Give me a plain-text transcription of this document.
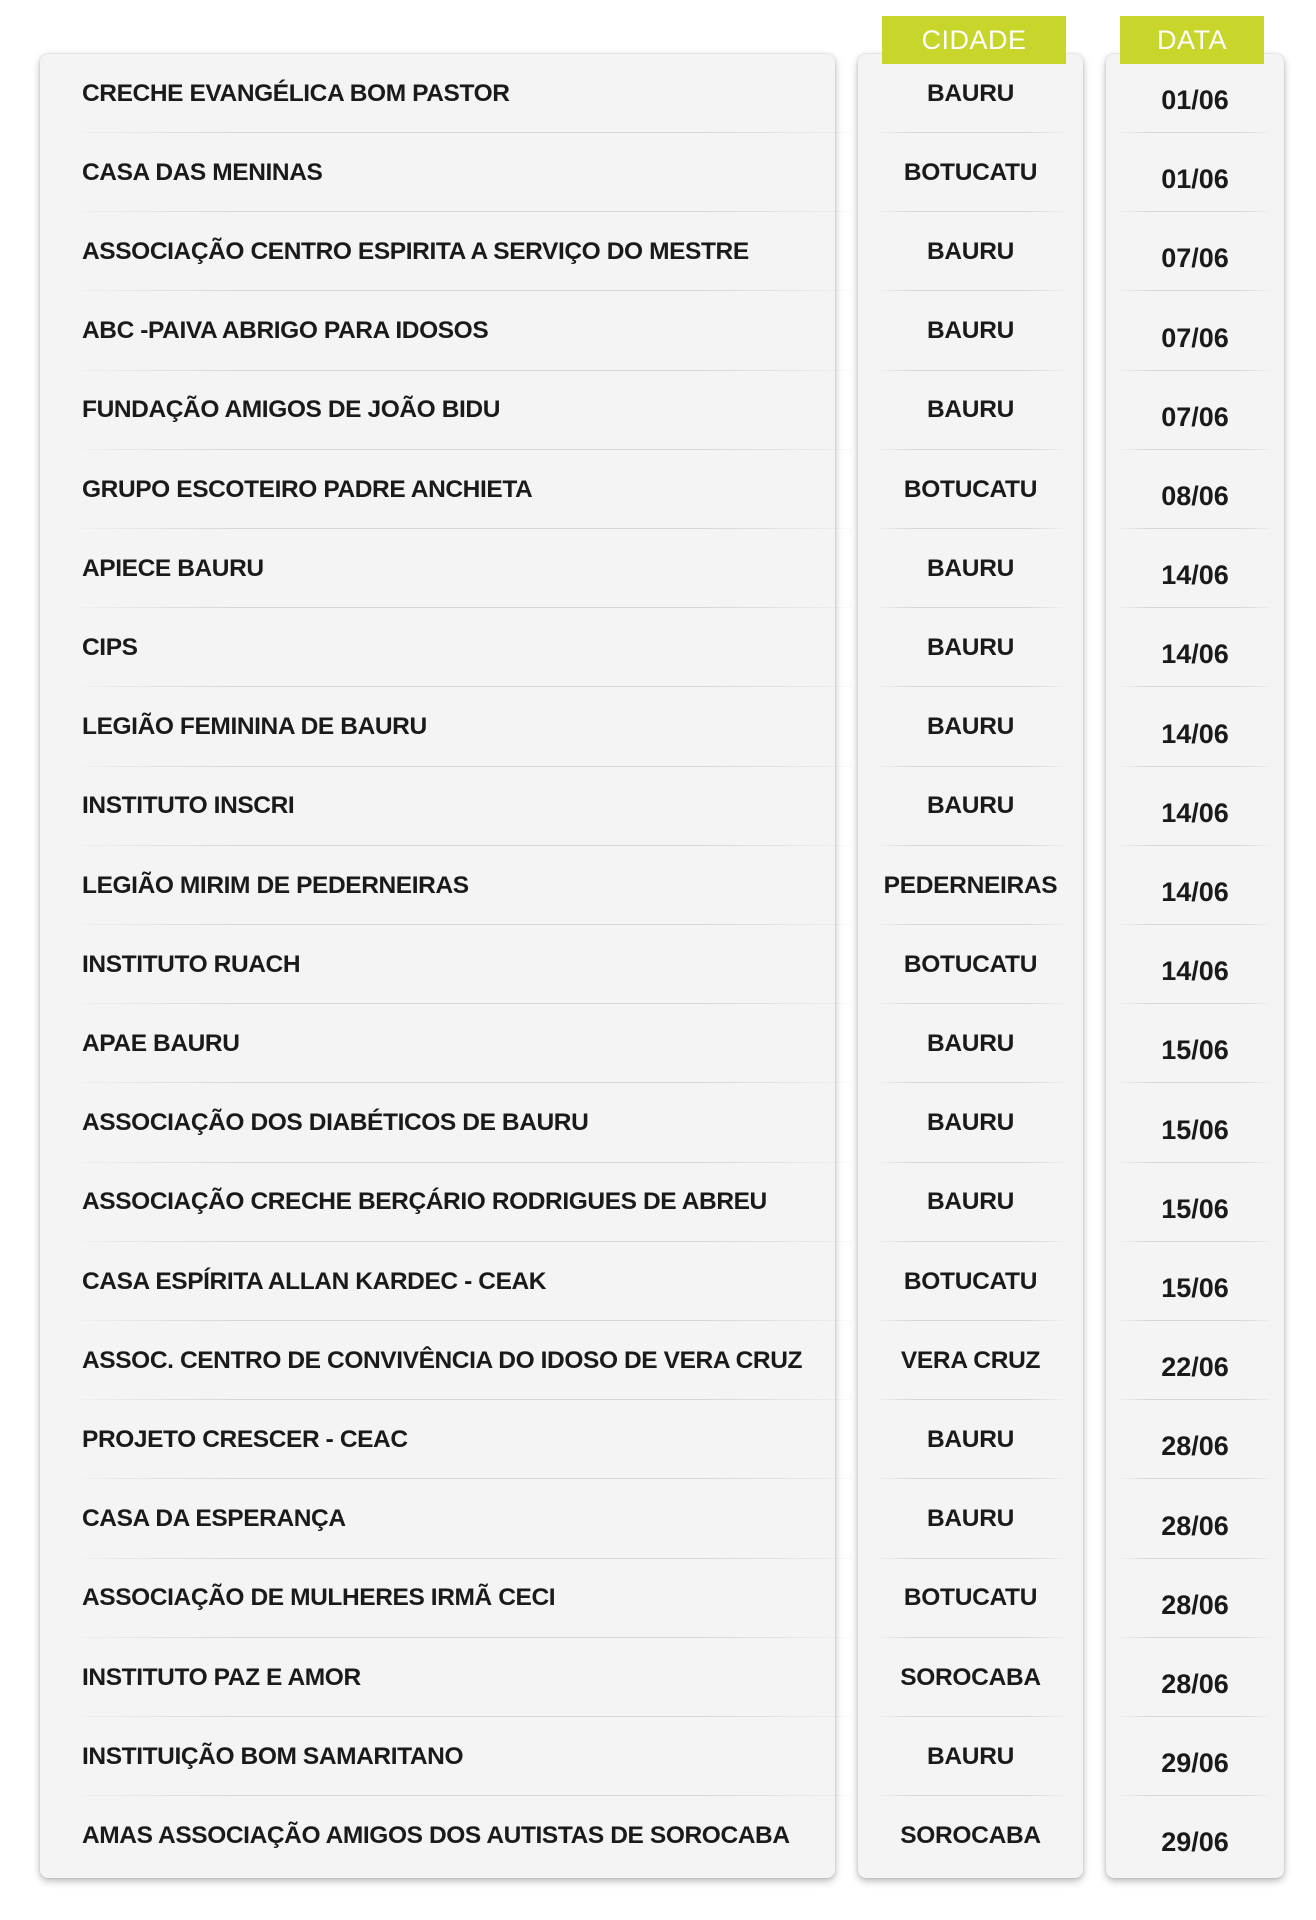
CRECHE EVANGÉLICA BOM PASTOR
CASA DAS MENINAS
ASSOCIAÇÃO CENTRO ESPIRITA A SERVIÇO DO MESTRE
ABC -PAIVA ABRIGO PARA IDOSOS
FUNDAÇÃO AMIGOS DE JOÃO BIDU
GRUPO ESCOTEIRO PADRE ANCHIETA
APIECE BAURU
CIPS
LEGIÃO FEMININA DE BAURU
INSTITUTO INSCRI
LEGIÃO MIRIM DE PEDERNEIRAS
INSTITUTO RUACH
APAE BAURU
ASSOCIAÇÃO DOS DIABÉTICOS DE BAURU
ASSOCIAÇÃO CRECHE BERÇÁRIO RODRIGUES DE ABREU
CASA ESPÍRITA ALLAN KARDEC - CEAK
ASSOC. CENTRO DE CONVIVÊNCIA DO IDOSO DE VERA CRUZ
PROJETO CRESCER - CEAC
CASA DA ESPERANÇA
ASSOCIAÇÃO DE MULHERES IRMÃ CECI
INSTITUTO PAZ E AMOR
INSTITUIÇÃO BOM SAMARITANO
AMAS ASSOCIAÇÃO AMIGOS DOS AUTISTAS DE SOROCABA
BAURU
BOTUCATU
BAURU
BAURU
BAURU
BOTUCATU
BAURU
BAURU
BAURU
BAURU
PEDERNEIRAS
BOTUCATU
BAURU
BAURU
BAURU
BOTUCATU
VERA CRUZ
BAURU
BAURU
BOTUCATU
SOROCABA
BAURU
SOROCABA
01/06
01/06
07/06
07/06
07/06
08/06
14/06
14/06
14/06
14/06
14/06
14/06
15/06
15/06
15/06
15/06
22/06
28/06
28/06
28/06
28/06
29/06
29/06
CIDADE	DATA
